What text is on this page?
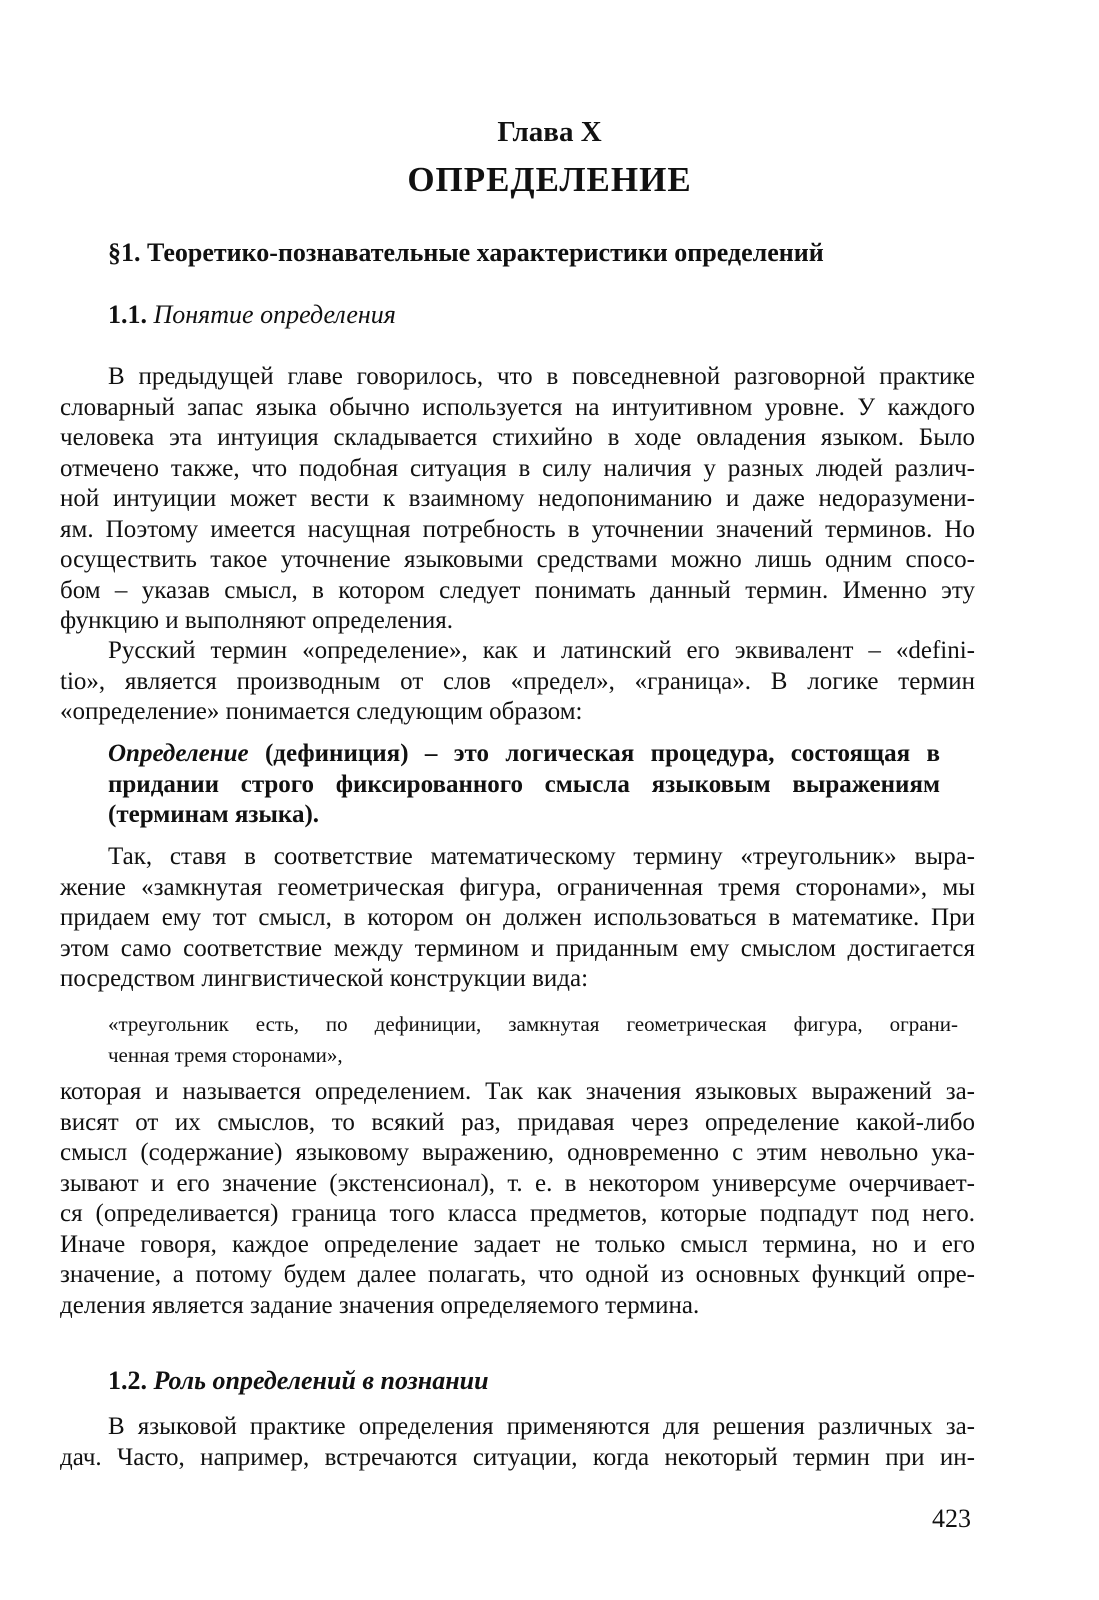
Глава X
ОПРЕДЕЛЕНИЕ
§1. Теоретико-познавательные характеристики определений
1.1. Понятие определения
В предыдущей главе говорилось, что в повседневной разговорной практике
словарный запас языка обычно используется на интуитивном уровне. У каждого
человека эта интуиция складывается стихийно в ходе овладения языком. Было
отмечено также, что подобная ситуация в силу наличия у разных людей различ-
ной интуиции может вести к взаимному недопониманию и даже недоразумени-
ям. Поэтому имеется насущная потребность в уточнении значений терминов. Но
осуществить такое уточнение языковыми средствами можно лишь одним спосо-
бом – указав смысл, в котором следует понимать данный термин. Именно эту
функцию и выполняют определения.
Русский термин «определение», как и латинский его эквивалент – «defini-
tio», является производным от слов «предел», «граница». В логике термин
«определение» понимается следующим образом:
Определение (дефиниция) – это логическая процедура, состоящая в
придании строго фиксированного смысла языковым выражениям
(терминам языка).
Так, ставя в соответствие математическому термину «треугольник» выра-
жение «замкнутая геометрическая фигура, ограниченная тремя сторонами», мы
придаем ему тот смысл, в котором он должен использоваться в математике. При
этом само соответствие между термином и приданным ему смыслом достигается
посредством лингвистической конструкции вида:
«треугольник есть, по дефиниции, замкнутая геометрическая фигура, ограни-
ченная тремя сторонами»,
которая и называется определением. Так как значения языковых выражений за-
висят от их смыслов, то всякий раз, придавая через определение какой-либо
смысл (содержание) языковому выражению, одновременно с этим невольно ука-
зывают и его значение (экстенсионал), т. е. в некотором универсуме очерчивает-
ся (определивается) граница того класса предметов, которые подпадут под него.
Иначе говоря, каждое определение задает не только смысл термина, но и его
значение, а потому будем далее полагать, что одной из основных функций опре-
деления является задание значения определяемого термина.
1.2. Роль определений в познании
В языковой практике определения применяются для решения различных за-
дач. Часто, например, встречаются ситуации, когда некоторый термин при ин-
423
